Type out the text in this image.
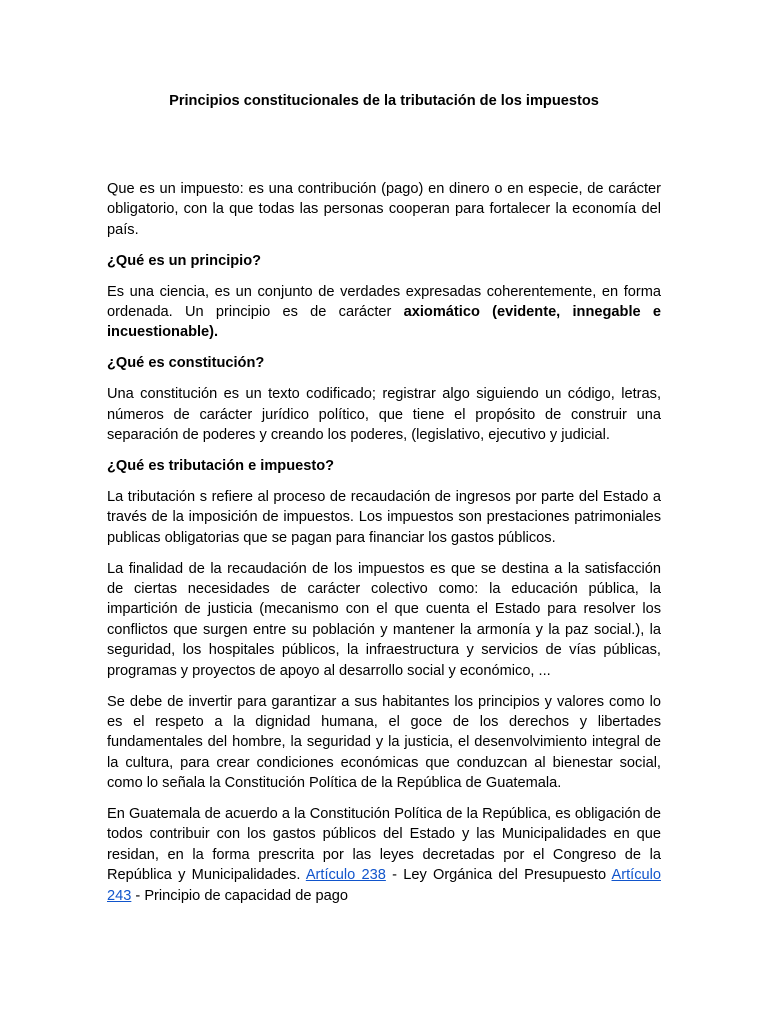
Principios constitucionales de la tributación de los impuestos

Que es un impuesto: es una contribución (pago) en dinero o en especie, de carácter obligatorio, con la que todas las personas cooperan para fortalecer la economía del país.

¿Qué es un principio?

Es una ciencia, es un conjunto de verdades expresadas coherentemente, en forma ordenada. Un principio es de carácter axiomático (evidente, innegable e incuestionable).

¿Qué es constitución?

Una constitución es un texto codificado; registrar algo siguiendo un código, letras, números de carácter jurídico político, que tiene el propósito de construir una separación de poderes y creando los poderes, (legislativo, ejecutivo y judicial.

¿Qué es tributación e impuesto?

La tributación s refiere al proceso de recaudación de ingresos por parte del Estado a través de la imposición de impuestos. Los impuestos son prestaciones patrimoniales publicas obligatorias que se pagan para financiar los gastos públicos.

La finalidad de la recaudación de los impuestos es que se destina a la satisfacción de ciertas necesidades de carácter colectivo como: la educación pública, la impartición de justicia (mecanismo con el que cuenta el Estado para resolver los conflictos que surgen entre su población y mantener la armonía y la paz social.), la seguridad, los hospitales públicos, la infraestructura y servicios de vías públicas, programas y proyectos de apoyo al desarrollo social y económico, ...

Se debe de invertir para garantizar a sus habitantes los principios y valores como lo es el respeto a la dignidad humana, el goce de los derechos y libertades fundamentales del hombre, la seguridad y la justicia, el desenvolvimiento integral de la cultura, para crear condiciones económicas que conduzcan al bienestar social, como lo señala la Constitución Política de la República de Guatemala.

En Guatemala de acuerdo a la Constitución Política de la República, es obligación de todos contribuir con los gastos públicos del Estado y las Municipalidades en que residan, en la forma prescrita por las leyes decretadas por el Congreso de la República y Municipalidades. Artículo 238 - Ley Orgánica del Presupuesto Artículo 243 - Principio de capacidad de pago
